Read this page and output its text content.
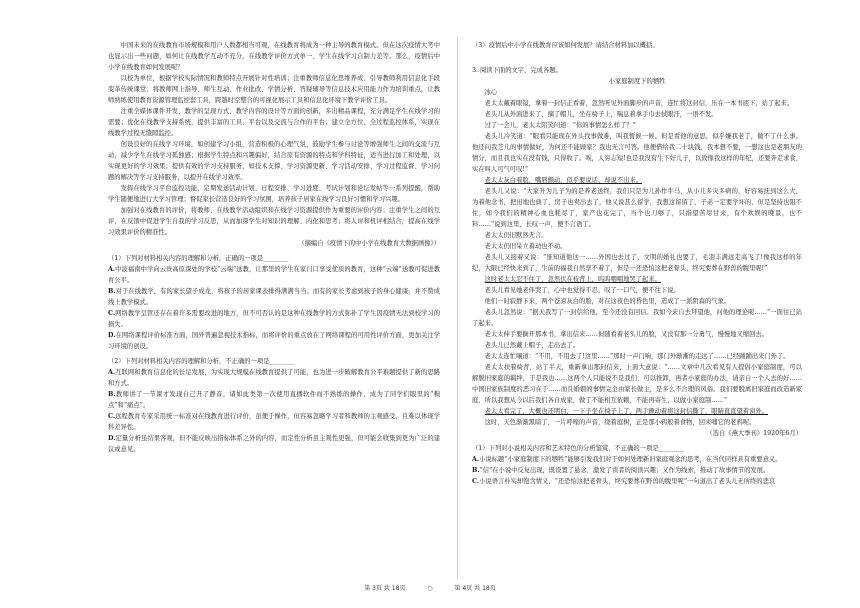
中国未来的在线教育市场规模和用户人数都相当可观，在线教育将成为一种主导的教育模式。但在这次疫情大考中也显示出一些问题，如何让在线教学互动不充分，在线教学评价方式单一、学生在线学习自制力差等。那么，疫情后中小学在线教育如何发展呢？

以校为单位，根据学校实际情况和教师特点开展针对性培训；注重教师信息化思维养成，引导教师利用信息化手段变革传统课堂；将教师网上指导、师生互动、作业批改、学情分析、答疑辅导等信息技术应用能力作为培训重点，让教师熟练使用教育资源管理监控套工具，跨越时空整合的可视化展示工具和信息化环境下教学评价工具。

注重全媒体课件开发、教学的呈现方式、教学内容的设计等方面的创新，多出精品课程，充分满足学生在线学习的需要；优化在线教学支持系统，提供丰富的工具、平台以及交流与合作的平台；建立全方位、全过程监控体系，实现在线教学过程无缝隙监控。

创设良好的在线学习环境，如创建学习小组、营造积极的心理气氛、鼓励学生参与讨论等增强师生之间的交流与互动，减少学生在线学习孤独感；根据学生特点和兴趣偏好，结合原有资源的特点和学科特征，适当进行加工和处理，以实现更好的学习效果；提供有效的学习支持服务，如技术支撑、学习资源更新、学习活动安排、学习过程监督、学习问题的解决等学习支持服务，以提升在线学习效率。

发挥在线学习平台监控功能，定期发送活动计划、日程安排、学习进度、考试计划和论坛发帖等一系列提醒，帮助学生随便地进行大学习管理；督促家长营造良好的学习氛围，培养孩子居家在线学习良好习惯和学习兴趣。

加强对在线教育的评价，将教师、在线教学活动组织和在线学习资源提供作为重要的评价内容；注重学生之间的互评，在反馈中促进学生自我的学习反思，从而加深学生对知识的理解、内化和思考；将人评和机评相结合，提高在线学习效果评价的精准性。

（摘编自《疫情下的中小学在线教育大数据画像》）

（1）下列对材料相关内容的理解和分析，正确的一项是________

A.中波福南中学向云贵高原深处的学校“云端”送教，让那里的学生在家门口享受优质的教育，这种“云端”送教可促进教育公平。

B.对于在线教学，有的家长望子成龙，将孩子的居家课表排得满满当当；而有的家长考虑到孩子的身心健康，并不赞成线上教学模式。

C.网络教学呈管还存在着许多需要改进的地方，但不可否认的是这种在线教学的方式弥补了学生因疫情无法到校学习的损失。

D.在网络课程评价标准方面，国外普遍忽视技术指标，而将评价的重点放在了网络课程的可用性评价方面，更加关注学习环境的创设。

（2）下列对材料相关内容的理解和分析，不正确的一项是________

A.互联网和教育信息化的长足发展，为实现大规模在线教育提供了可能，也为进一步破解教育公平难题提供了新的思路和方式。

B.教师讲了一节课才发现自己开了静音，诸如此类第一次使用直播软件而不熟练的操作，成为了同学们眼里的“糗点”和“痛点”。

C.远程教育专家采用统一标准对在线教育进行评价，虽便于操作，但容易忽略学习者和教师的主观感受，且难以体现学科差异性。

D.定量分析虽结果客观，但不能反映出指标体系之外的内容，而定性分析虽主观性更强，但可能会收集到更为广泛的建议或意见。

（3）疫情后中小学在线教育应该如何发展？请结合材料加以概括。

3. 阅读下面的文字，完成各题。

小家庭制度下的牺牲

冰心

老太太戴着眼镜，拿着一封信正看着，忽然听见外面脚步的声音，连忙将这封信，压在一本书底下，站了起来。

老头儿从外面进来了，摘了帽儿，坐在椅子上，喘息着拿手巾去拭眼汗，一语不发。

过了一会儿，老太太陪笑问道：“你的事情怎么样了？”

老头儿冷笑道：“眼看只能现在外头找事做难，叫我暂候一候。但是看他的意思，似乎嫌我老了，做不了什么事。他还问我芝儿的事情做好，为何还不能顾家？我也无言可答。他便借给我二十块钱，我本想不要，一想这也是老朋友的情分，而且我也实在没有钱，只得收了。唉，人穷志短!也是我没有生下好儿子，以致像我这样的年纪，还要奔走求食，实在叫人可气可叹!”

老太太灰白着脸，嘴唇颤动，似乎要说话，却说不出来。

老头儿又说：“大家升为儿子为的是养老送终，我们只是为儿孙作牛马，从小儿多灾多病的，好容易抚到这么大，为着他念书，把田地也典了，房子也卖出去了，他又说甚么留学，我想这留留了，子弟一定要学坏的，但是坚持也阻不住，如今我们的精神心血也耗尽了，家产也花完了，当个也刀够了，只指望苦尽甘来，有个欢娱的晚景，也不料……”说到这里，长叹一声，便不言语了。

老太太仍旧默然无言。

老太太仍旧呆立着动也不动。

老头儿又接着又说：“谁知道他这一……外国也去过了，文明的婚礼也要了，毛羽丰满远走高飞了!像我这样的年纪，大限已经快来到了，生前的福我自然享不着了，但是一还恐怕这把老骨头，终究要葬在野兽的腹里呢!”

这时老太太忍不住了，忽然伏在枝背上，呜呜咽咽地哭了起来。

老头儿看见她老伴哭了，心中也觉得不忍，叹了一口气，便不往下说。

他们一时寂静下来，两个苍凉灰白的脸，对在这夜色的昏色里，造成了一派阴森的气象。

老头儿忽然说：“据天我写了一封信给他，至今还没有回信。我如今来自去拜望他，问他的理论呢……”一面往已站了起来。

老太太伸手要搁开那本书，拿出信来……但随看着老头儿的脸，又没有那一分勇气，慢慢地又缩回去。

老头儿已然戴上帽子，走出去了。

老太太连忙嚷道：“不用，不用去了!这里……”那时一声门响，那门外渐漸的走远了……已经踊踊出来门外了。

老太太扶着椅背，站了半天，重新拿出那封信来，上面大意说：“……文章中几次看见有人提倡小家庭制度，可以解脱旧家庭的羁绊，于是我也……这两个人只能说不是我们，可以推卸，再者小家庭的办法，请亲自一个人去的好……中国旧家族制度的恶习在于……而且婚姻的事情完全由家长做主，是多么不合理的风俗。我们要脱离旧家庭而改造新家庭，所以我想从今以后我们各自成家，做了不能相互依赖，不能再寄生，以做小家庭制……”

老太太看完了，大概也还明白，一下子坐在椅子上了，两手颤动着将这封信撕了，眼睛直直望着窗外。

这时，天色渐渐黑暗了，一片呼嚎的声音，绕着庭树，正是那小鸦般着食物，回来哺它的老鸦呢。

（选自《燕大季刊》1920年6月）

（1）下列对小说相关内容和艺术特色的分析鉴赏，不正确的一项是________

A.小说标题“小家庭制度下的牺牲”能够引发我们对于如何处理新旧家庭观念的思考，在当代同样具有重要意义。

B.“信”在小说中反复出现，既设置了悬念，激发了读者的阅读兴趣；又作为线索，推动了故事情节的发展。

C.小说语言朴实却饱含情义，“还恐怕这把老骨头，终究要葬在野兽的腹里呢”一句道出了老头儿无所终的悲哀

第 3页 共 18页	○	第 4页 共 18页
